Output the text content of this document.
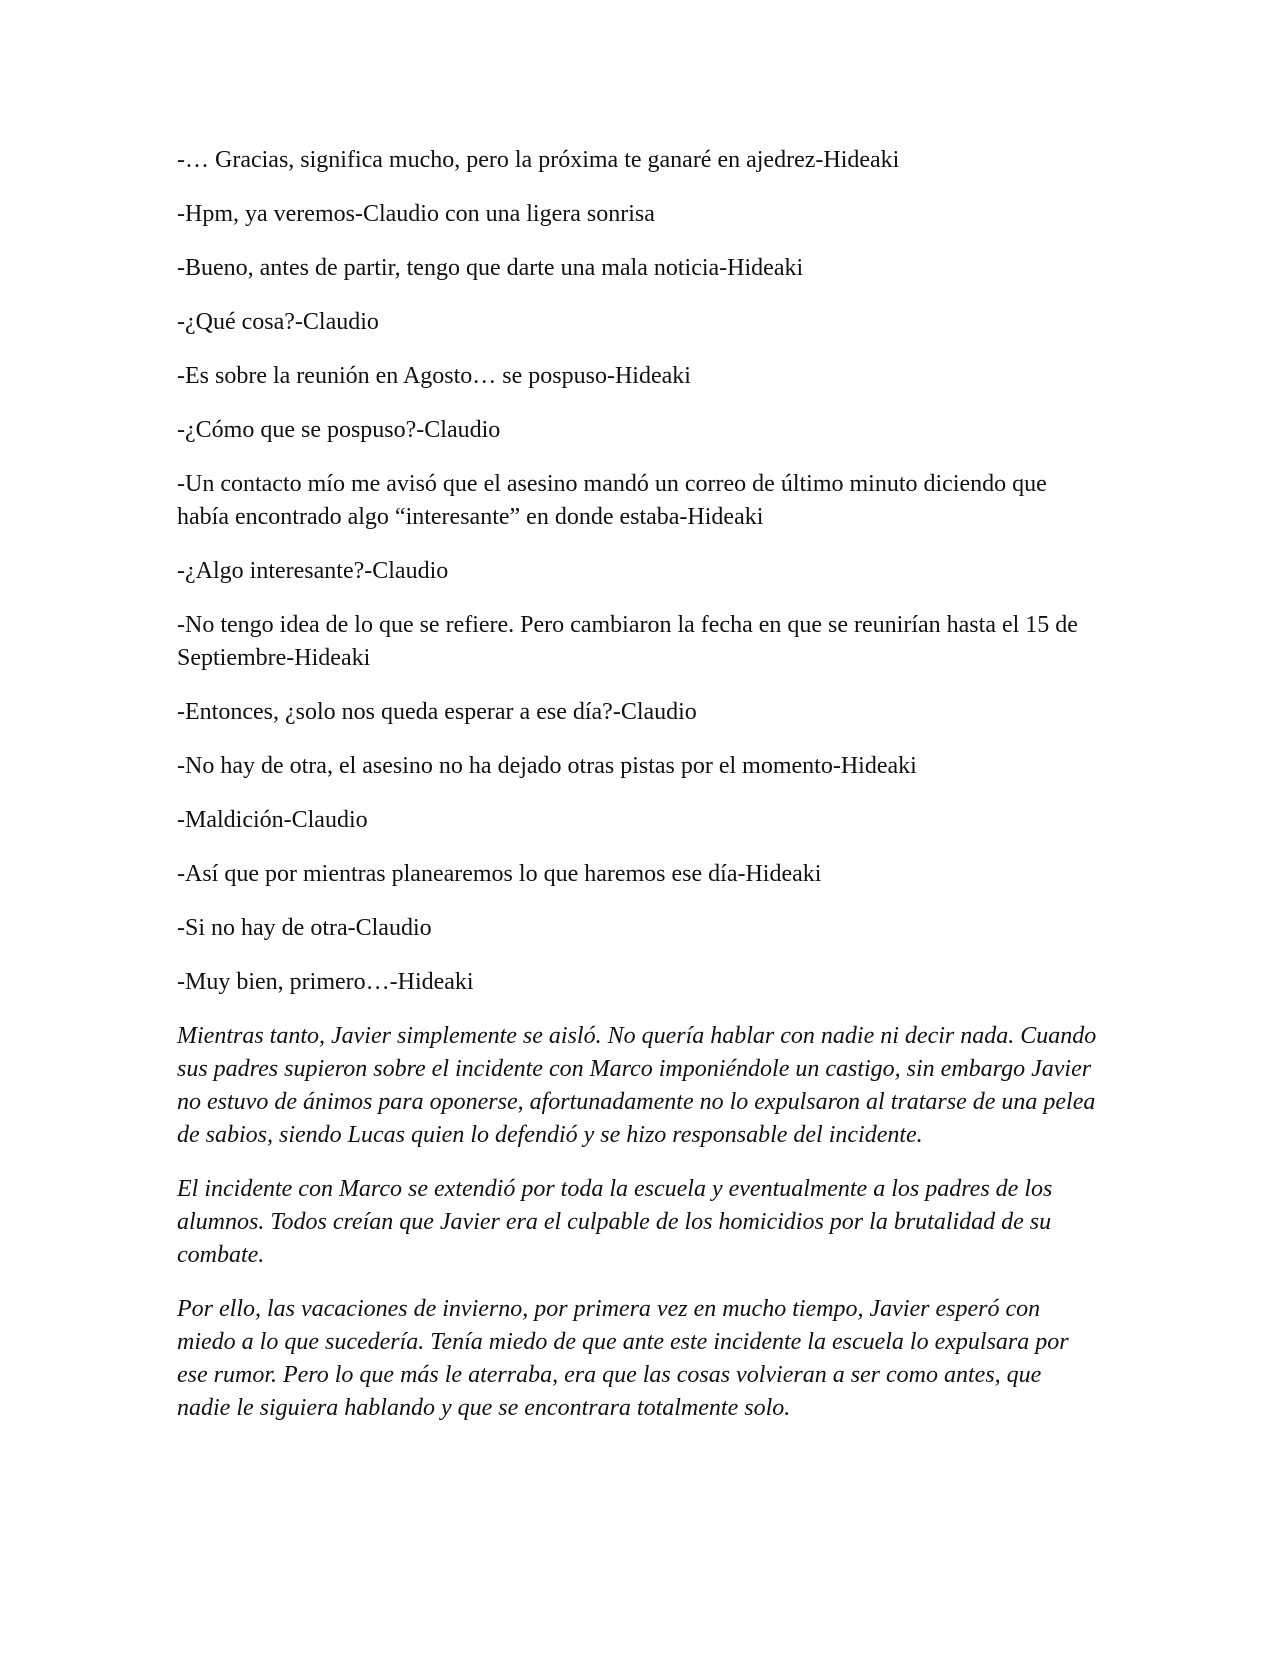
-… Gracias, significa mucho, pero la próxima te ganaré en ajedrez-Hideaki

-Hpm, ya veremos-Claudio con una ligera sonrisa

-Bueno, antes de partir, tengo que darte una mala noticia-Hideaki

-¿Qué cosa?-Claudio

-Es sobre la reunión en Agosto… se pospuso-Hideaki

-¿Cómo que se pospuso?-Claudio

-Un contacto mío me avisó que el asesino mandó un correo de último minuto diciendo que había encontrado algo “interesante” en donde estaba-Hideaki

-¿Algo interesante?-Claudio

-No tengo idea de lo que se refiere. Pero cambiaron la fecha en que se reunirían hasta el 15 de Septiembre-Hideaki

-Entonces, ¿solo nos queda esperar a ese día?-Claudio

-No hay de otra, el asesino no ha dejado otras pistas por el momento-Hideaki

-Maldición-Claudio

-Así que por mientras planearemos lo que haremos ese día-Hideaki

-Si no hay de otra-Claudio

-Muy bien, primero…-Hideaki

Mientras tanto, Javier simplemente se aisló. No quería hablar con nadie ni decir nada. Cuando sus padres supieron sobre el incidente con Marco imponiéndole un castigo, sin embargo Javier no estuvo de ánimos para oponerse, afortunadamente no lo expulsaron al tratarse de una pelea de sabios, siendo Lucas quien lo defendió y se hizo responsable del incidente.

El incidente con Marco se extendió por toda la escuela y eventualmente a los padres de los alumnos. Todos creían que Javier era el culpable de los homicidios por la brutalidad de su combate.

Por ello, las vacaciones de invierno, por primera vez en mucho tiempo, Javier esperó con miedo a lo que sucedería. Tenía miedo de que ante este incidente la escuela lo expulsara por ese rumor. Pero lo que más le aterraba, era que las cosas volvieran a ser como antes, que nadie le siguiera hablando y que se encontrara totalmente solo.
